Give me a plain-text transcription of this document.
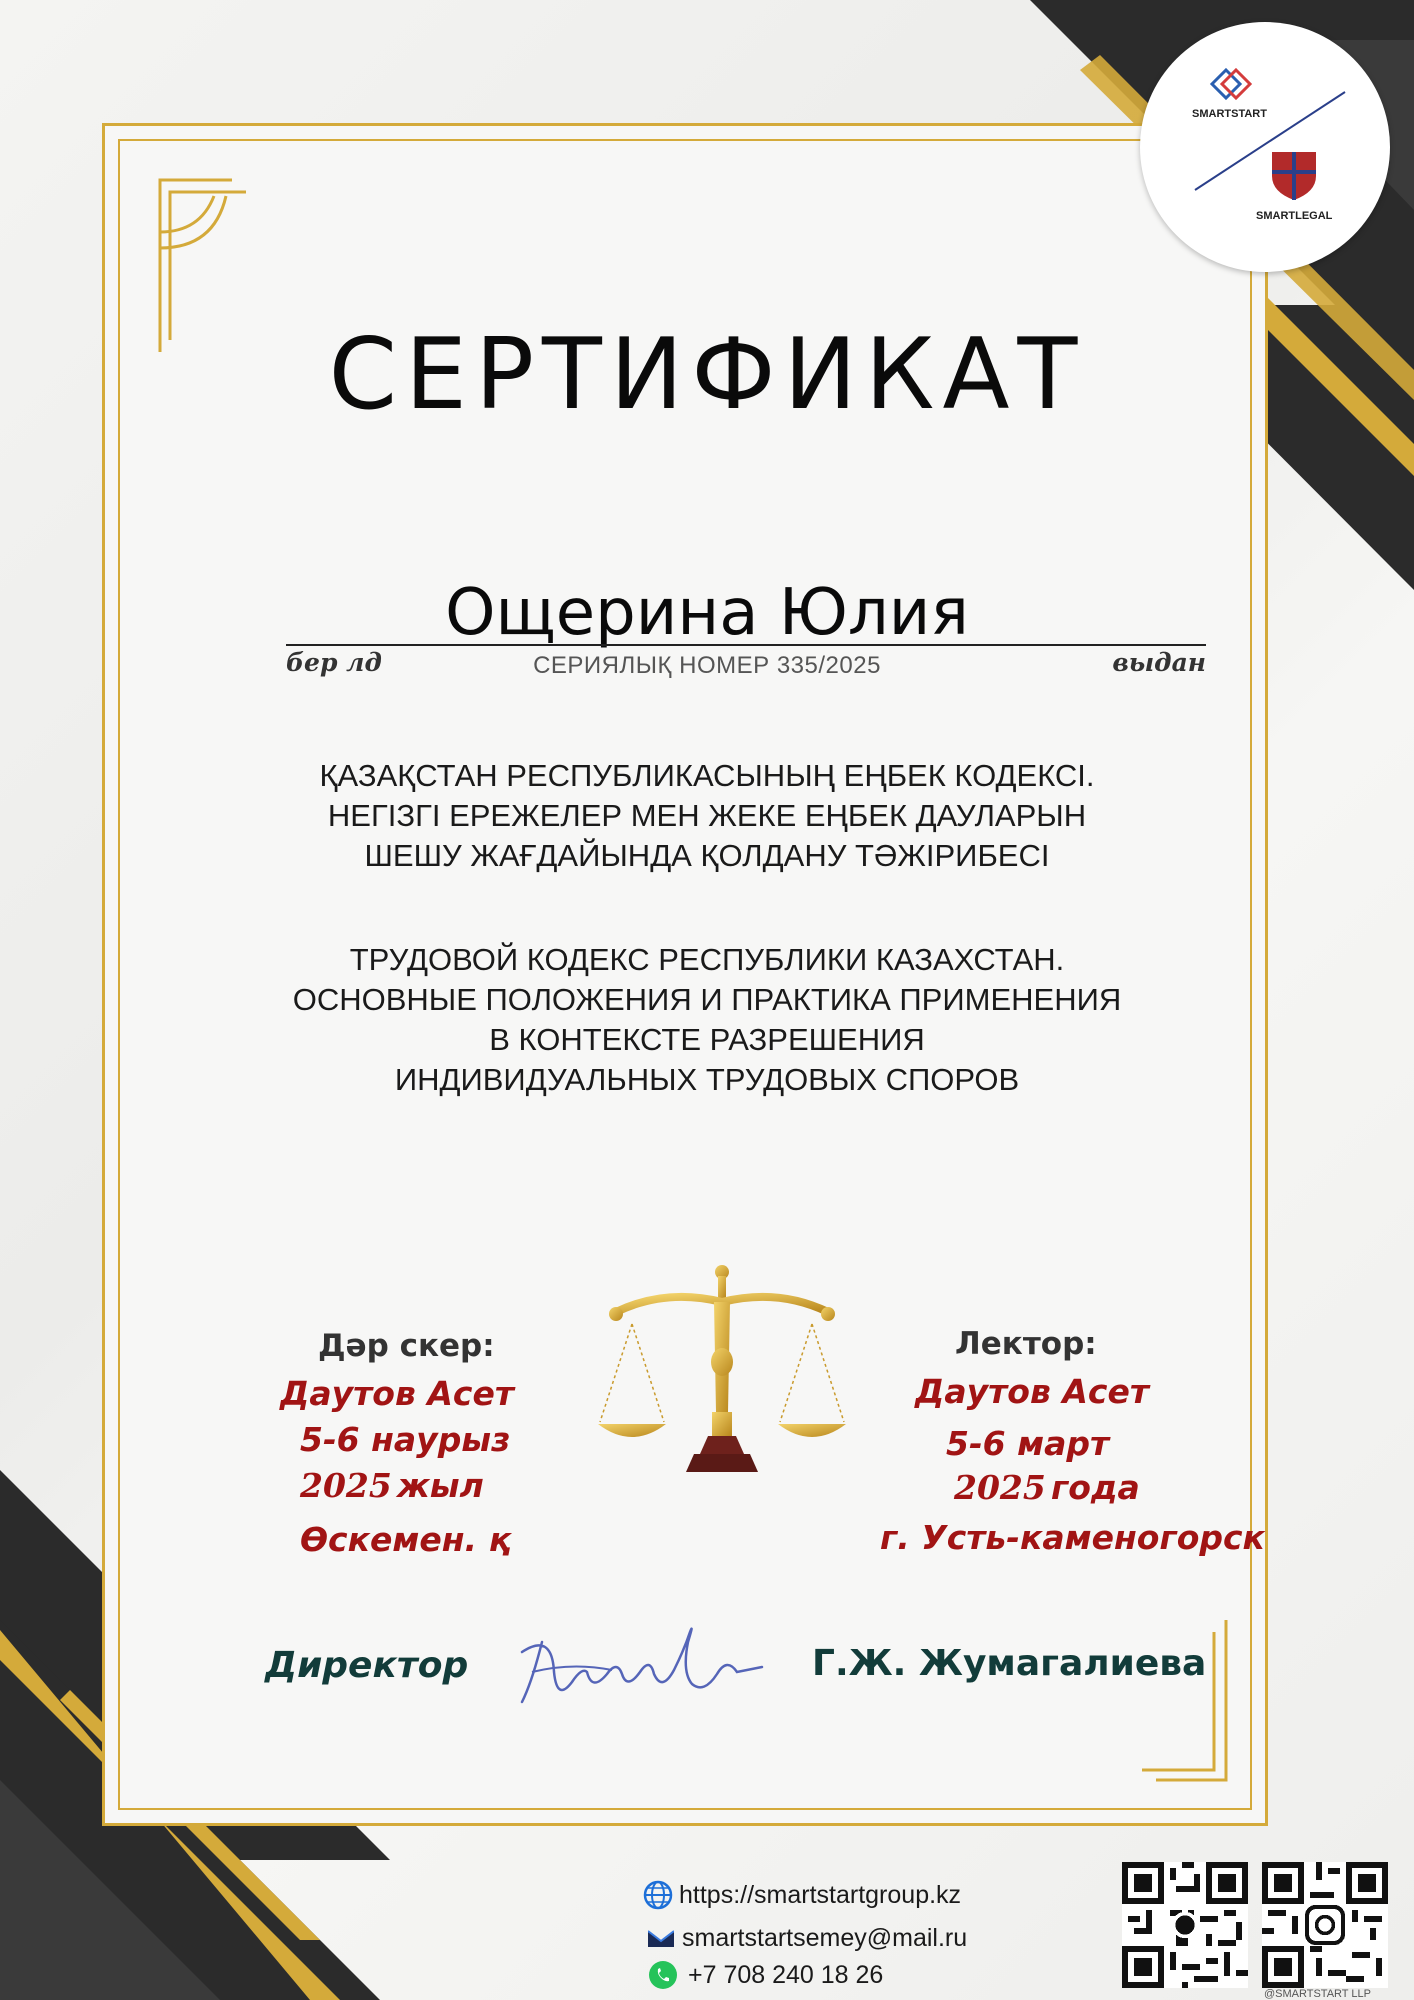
SMARTSTART
SMARTLEGAL
СЕРТИФИКАТ
Ощерина Юлия
бер лд	СЕРИЯЛЫҚ НОМЕР 335/2025	выдан
ҚАЗАҚСТАН РЕСПУБЛИКАСЫНЫҢ ЕҢБЕК КОДЕКСІ.
НЕГІЗГІ ЕРЕЖЕЛЕР МЕН ЖЕКЕ ЕҢБЕК ДАУЛАРЫН
ШЕШУ ЖАҒДАЙЫНДА ҚОЛДАНУ ТӘЖІРИБЕСІ
ТРУДОВОЙ КОДЕКС РЕСПУБЛИКИ КАЗАХСТАН.
ОСНОВНЫЕ ПОЛОЖЕНИЯ И ПРАКТИКА ПРИМЕНЕНИЯ
В КОНТЕКСТЕ РАЗРЕШЕНИЯ
ИНДИВИДУАЛЬНЫХ ТРУДОВЫХ СПОРОВ
Дәр скер:
Даутов Асет
5-6 наурыз
2025 жыл
Өскемен. қ
Лектор:
Даутов Асет
5-6 март
2025 года
г. Усть-каменогорск
Директор	Г.Ж. Жумагалиева
https://smartstartgroup.kz
smartstartsemey@mail.ru
+7 708 240 18 26
@SMARTSTART LLP
